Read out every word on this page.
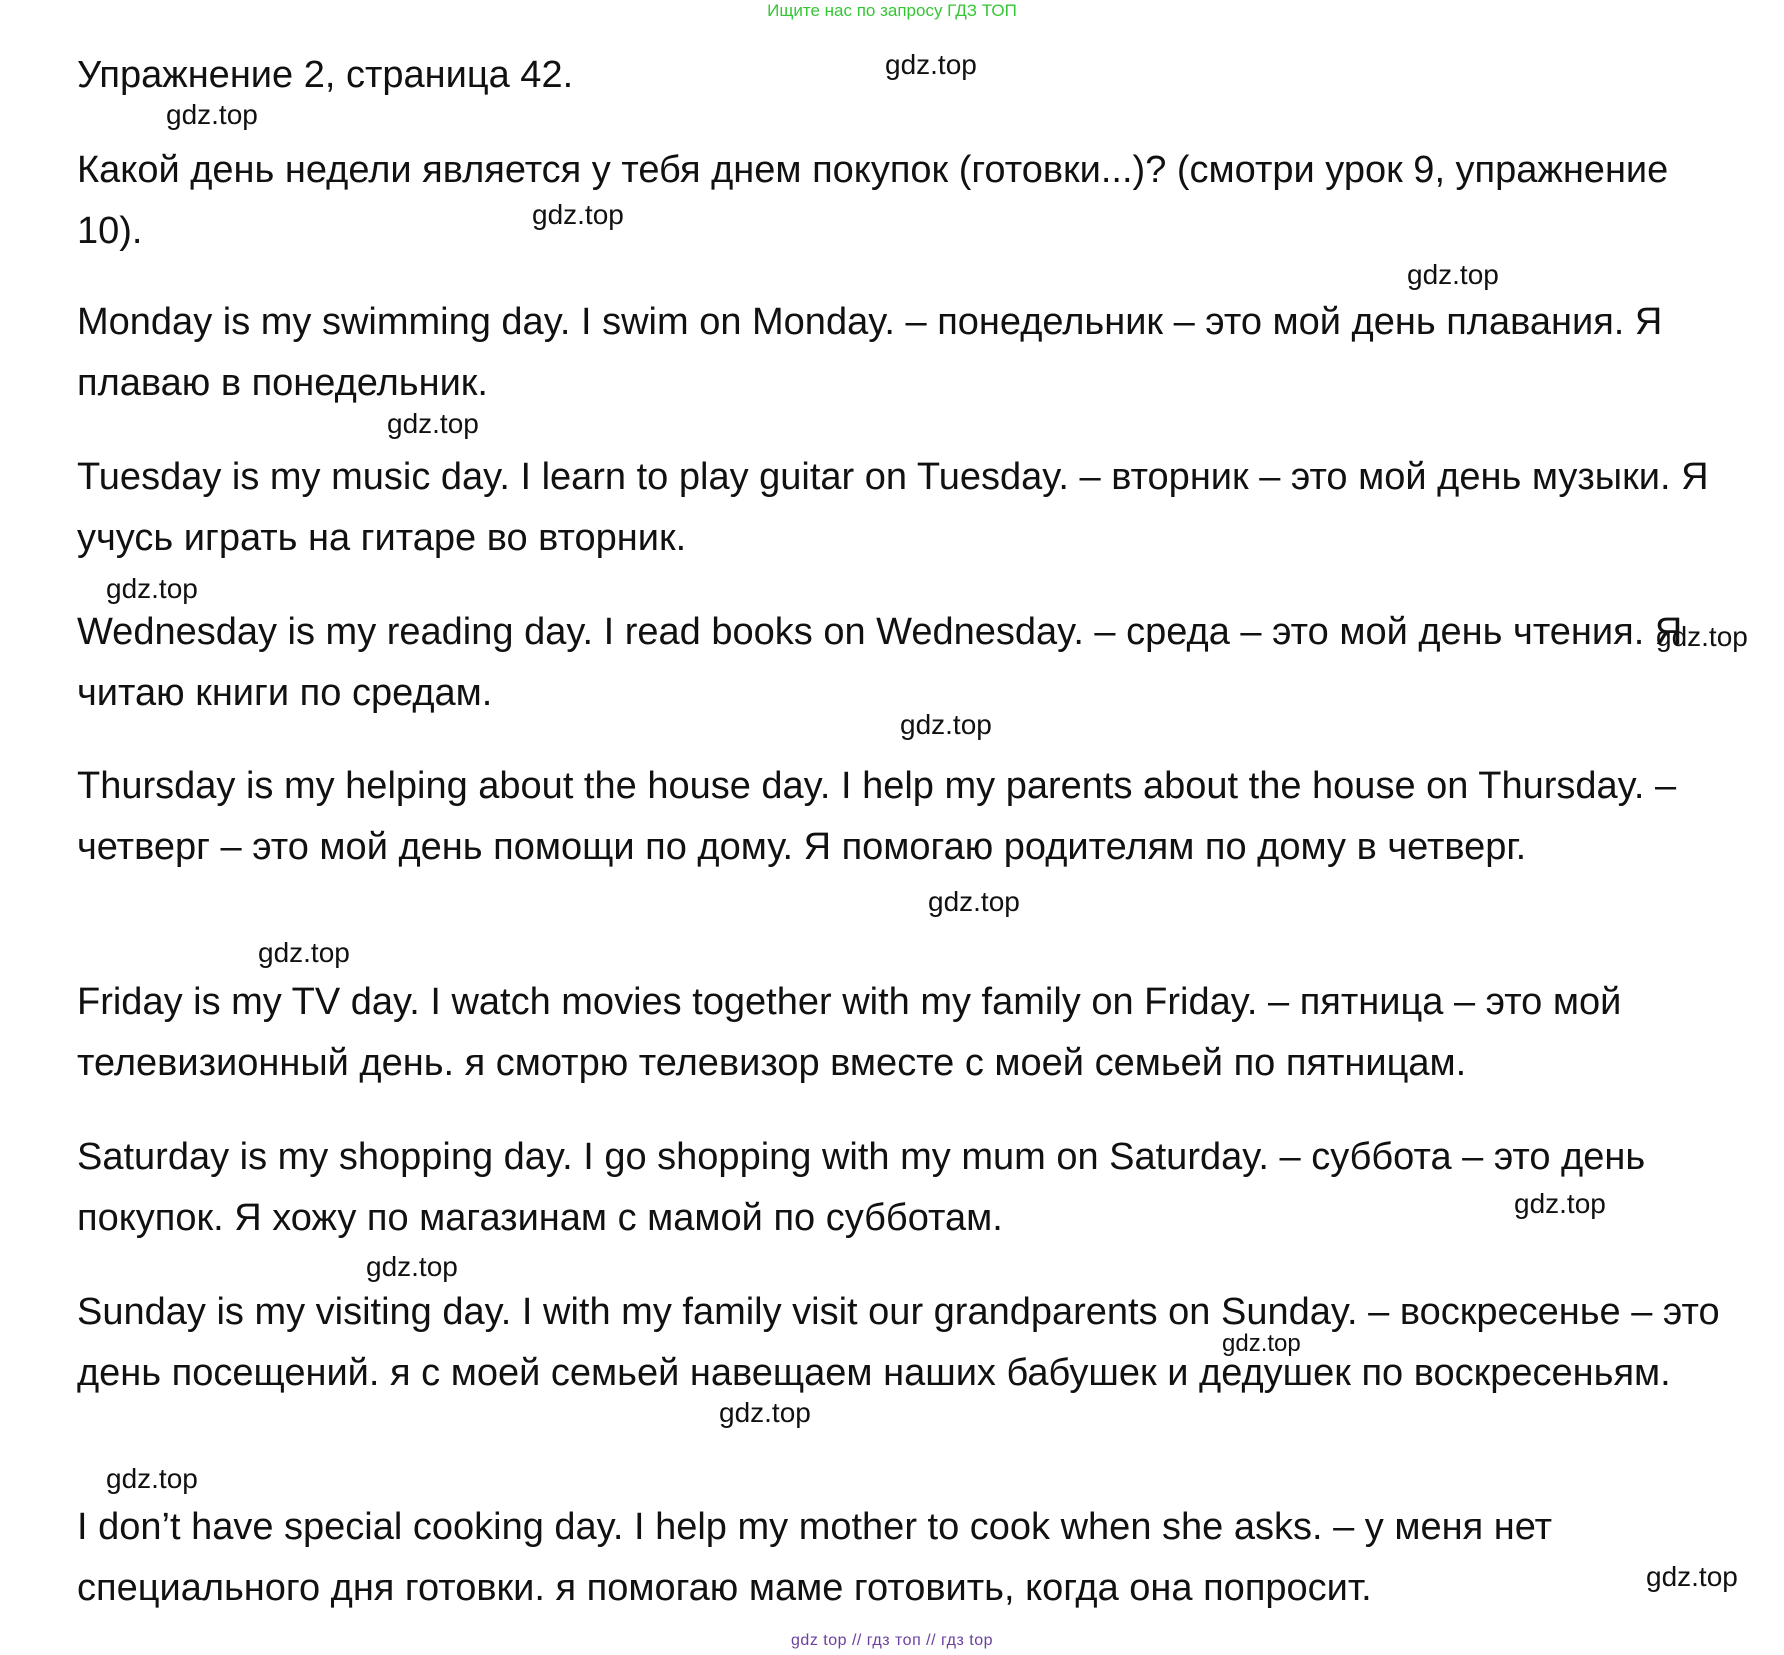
Ищите нас по запросу ГДЗ ТОП
Упражнение 2, страница 42.
Какой день недели является у тебя днем покупок (готовки...)? (смотри урок 9, упражнение 10).

Monday is my swimming day. I swim on Monday. – понедельник – это мой день плавания. Я плаваю в понедельник.

Tuesday is my music day. I learn to play guitar on Tuesday. – вторник – это мой день музыки. Я учусь играть на гитаре во вторник.

Wednesday is my reading day. I read books on Wednesday. – среда – это мой день чтения. Я читаю книги по средам.

Thursday is my helping about the house day. I help my parents about the house on Thursday. – четверг – это мой день помощи по дому. Я помогаю родителям по дому в четверг.

Friday is my TV day. I watch movies together with my family on Friday. – пятница – это мой телевизионный день. я смотрю телевизор вместе с моей семьей по пятницам.

Saturday is my shopping day. I go shopping with my mum on Saturday. – суббота – это день покупок. Я хожу по магазинам с мамой по субботам.

Sunday is my visiting day. I with my family visit our grandparents on Sunday. – воскресенье – это день посещений. я с моей семьей навещаем наших бабушек и дедушек по воскресеньям.

I don’t have special cooking day. I help my mother to cook when she asks. – у меня нет специального дня готовки. я помогаю маме готовить, когда она попросит.

gdz.top
gdz.top
gdz.top
gdz.top
gdz.top
gdz.top
gdz.top
gdz.top
gdz.top
gdz.top
gdz.top
gdz.top
gdz.top
gdz.top
gdz.top
gdz.top
gdz top // гдз топ // гдз top
